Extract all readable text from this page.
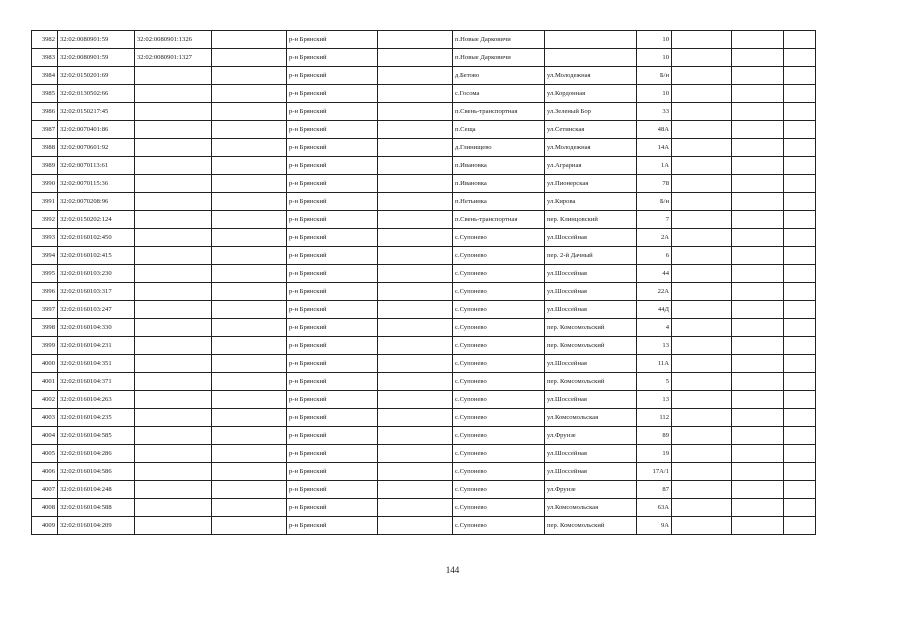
3982	32:02:0080901:59	32:02:0080901:1326		р-н Брянский		п.Новые Дарковичи		10			
3983	32:02:0080901:59	32:02:0080901:1327		р-н Брянский		п.Новые Дарковичи		10			
3984	32:02:0150201:69			р-н Брянский		д.Бетово	ул.Молодежная	Б/н			
3985	32:02:0130502:66			р-н Брянский		с.Госома	ул.Кордонная	10			
3986	32:02:0150217:45			р-н Брянский		п.Свень-транспортная	ул.Зеленый Бор	33			
3987	32:02:0070401:86			р-н Брянский		п.Сеща	ул.Сетинская	48А			
3988	32:02:0070601:92			р-н Брянский		д.Глинищево	ул.Молодежная	14А			
3989	32:02:0070113:61			р-н Брянский		п.Ивановка	ул.Аграрная	1А			
3990	32:02:0070115:36			р-н Брянский		п.Ивановка	ул.Пионерская	78			
3991	32:02:0070208:96			р-н Брянский		п.Нетьинка	ул.Кирова	Б/н			
3992	32:02:0150202:124			р-н Брянский		п.Свень-транспортная	пер. Клинцовский	7			
3993	32:02:0160102:450			р-н Брянский		с.Супонево	ул.Шоссейная	2А			
3994	32:02:0160102:415			р-н Брянский		с.Супонево	пер. 2-й Дачный	6			
3995	32:02:0160103:230			р-н Брянский		с.Супонево	ул.Шоссейная	44			
3996	32:02:0160103:317			р-н Брянский		с.Супонево	ул.Шоссейная	22А			
3997	32:02:0160103:247			р-н Брянский		с.Супонево	ул.Шоссейная	44Д			
3998	32:02:0160104:330			р-н Брянский		с.Супонево	пер. Комсомольский	4			
3999	32:02:0160104:231			р-н Брянский		с.Супонево	пер. Комсомольский	13			
4000	32:02:0160104:351			р-н Брянский		с.Супонево	ул.Шоссейная	11А			
4001	32:02:0160104:371			р-н Брянский		с.Супонево	пер. Комсомольский	5			
4002	32:02:0160104:263			р-н Брянский		с.Супонево	ул.Шоссейная	13			
4003	32:02:0160104:235			р-н Брянский		с.Супонево	ул.Комсомольская	112			
4004	32:02:0160104:585			р-н Брянский		с.Супонево	ул.Фрунзе	89			
4005	32:02:0160104:286			р-н Брянский		с.Супонево	ул.Шоссейная	19			
4006	32:02:0160104:586			р-н Брянский		с.Супонево	ул.Шоссейная	17А/1			
4007	32:02:0160104:248			р-н Брянский		с.Супонево	ул.Фрунзе	87			
4008	32:02:0160104:588			р-н Брянский		с.Супонево	ул.Комсомольская	63А			
4009	32:02:0160104:209			р-н Брянский		с.Супонево	пер. Комсомольский	9А			
144
